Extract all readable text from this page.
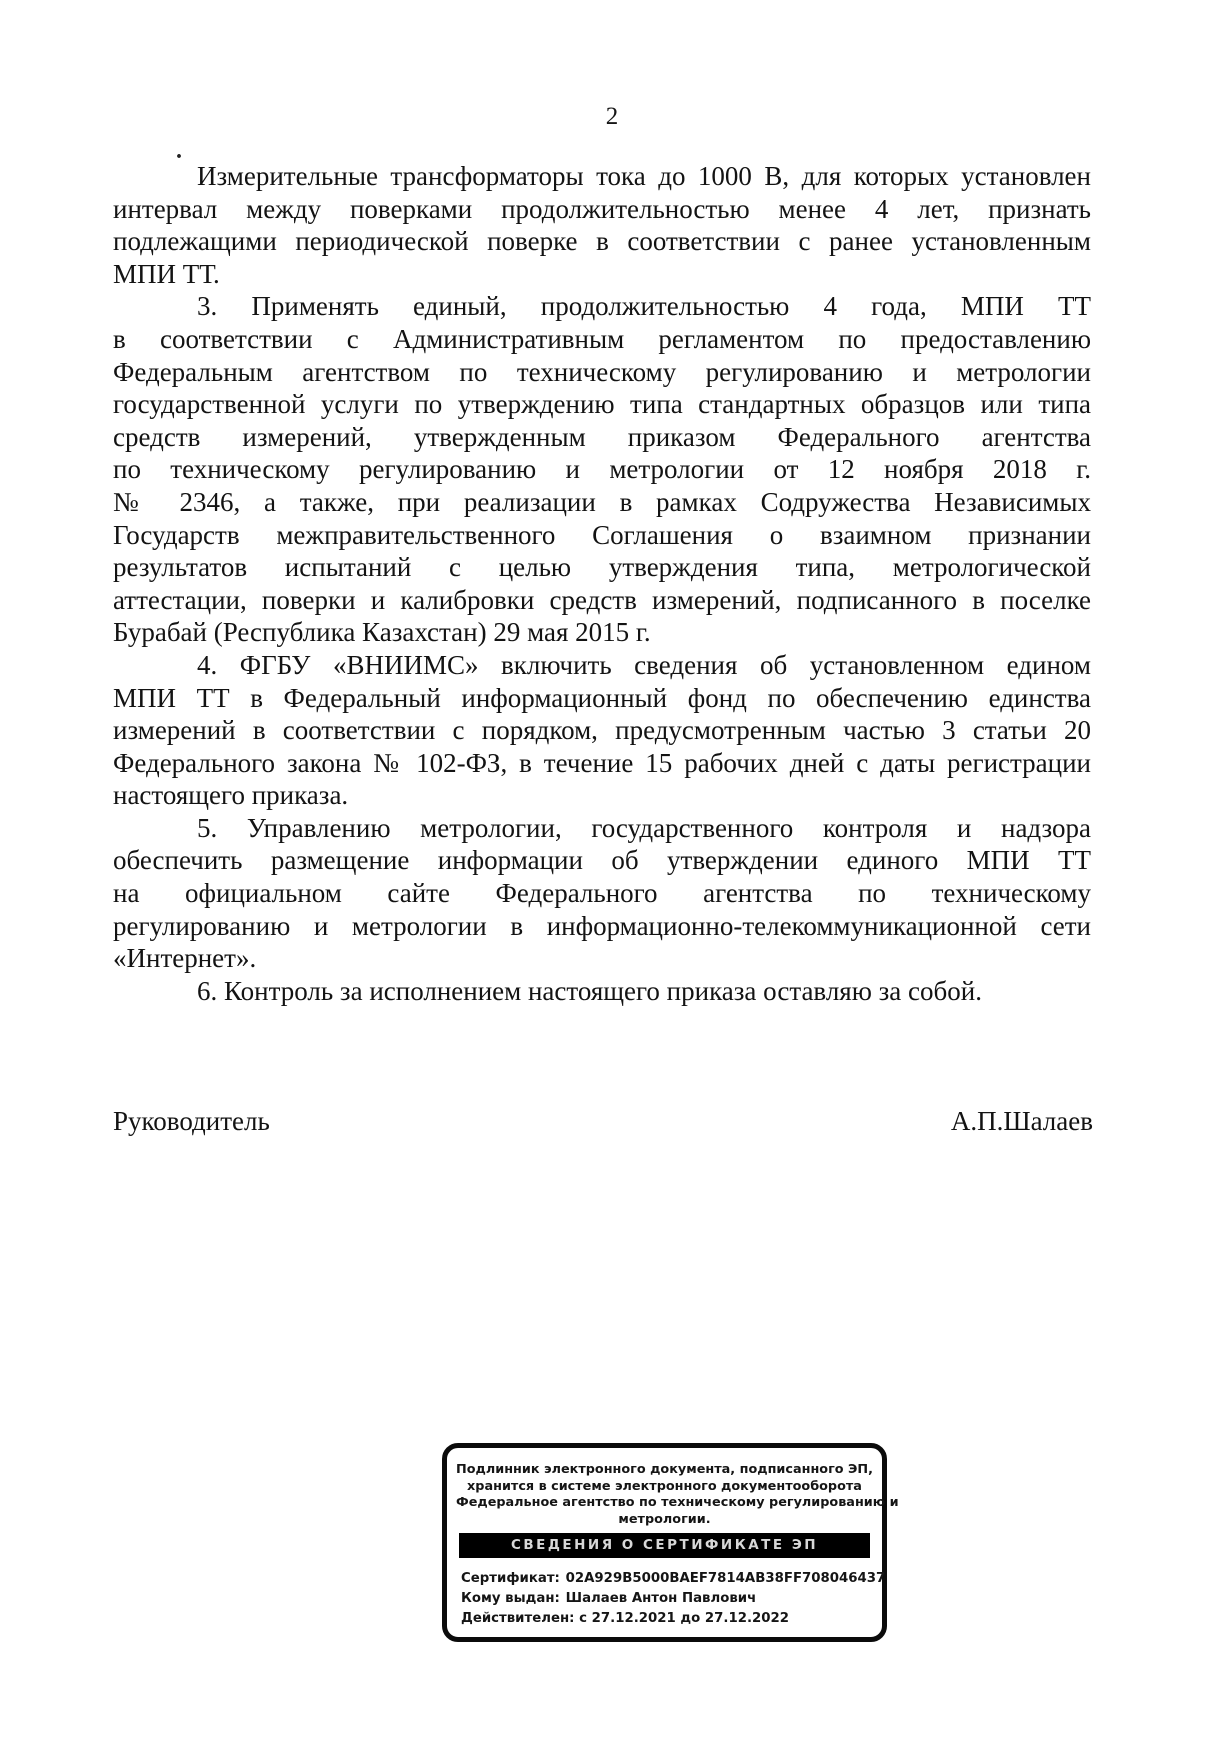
2
.
Измерительные трансформаторы тока до 1000 В, для которых установлен
интервал между поверками продолжительностью менее 4 лет, признать
подлежащими периодической поверке в соответствии с ранее установленным
МПИ ТТ.
3. Применять единый, продолжительностью 4 года, МПИ ТТ
в соответствии с Административным регламентом по предоставлению
Федеральным агентством по техническому регулированию и метрологии
государственной услуги по утверждению типа стандартных образцов или типа
средств измерений, утвержденным приказом Федерального агентства
по техническому регулированию и метрологии от 12 ноября 2018 г.
№ 2346, а также, при реализации в рамках Содружества Независимых
Государств межправительственного Соглашения о взаимном признании
результатов испытаний с целью утверждения типа, метрологической
аттестации, поверки и калибровки средств измерений, подписанного в поселке
Бурабай (Республика Казахстан) 29 мая 2015 г.
4. ФГБУ «ВНИИМС» включить сведения об установленном едином
МПИ ТТ в Федеральный информационный фонд по обеспечению единства
измерений в соответствии с порядком, предусмотренным частью 3 статьи 20
Федерального закона № 102-ФЗ, в течение 15 рабочих дней с даты регистрации
настоящего приказа.
5. Управлению метрологии, государственного контроля и надзора
обеспечить размещение информации об утверждении единого МПИ ТТ
на официальном сайте Федерального агентства по техническому
регулированию и метрологии в информационно-телекоммуникационной сети
«Интернет».
6. Контроль за исполнением настоящего приказа оставляю за собой.
Руководитель	А.П.Шалаев
Подлинник электронного документа, подписанного ЭП,
хранится в системе электронного документооборота
Федеральное агентство по техническому регулированию и
метрологии.
СВЕДЕНИЯ О СЕРТИФИКАТЕ ЭП
Сертификат: 02A929B5000BAEF7814AB38FF708046437
Кому выдан: Шалаев Антон Павлович
Действителен: с 27.12.2021 до 27.12.2022
